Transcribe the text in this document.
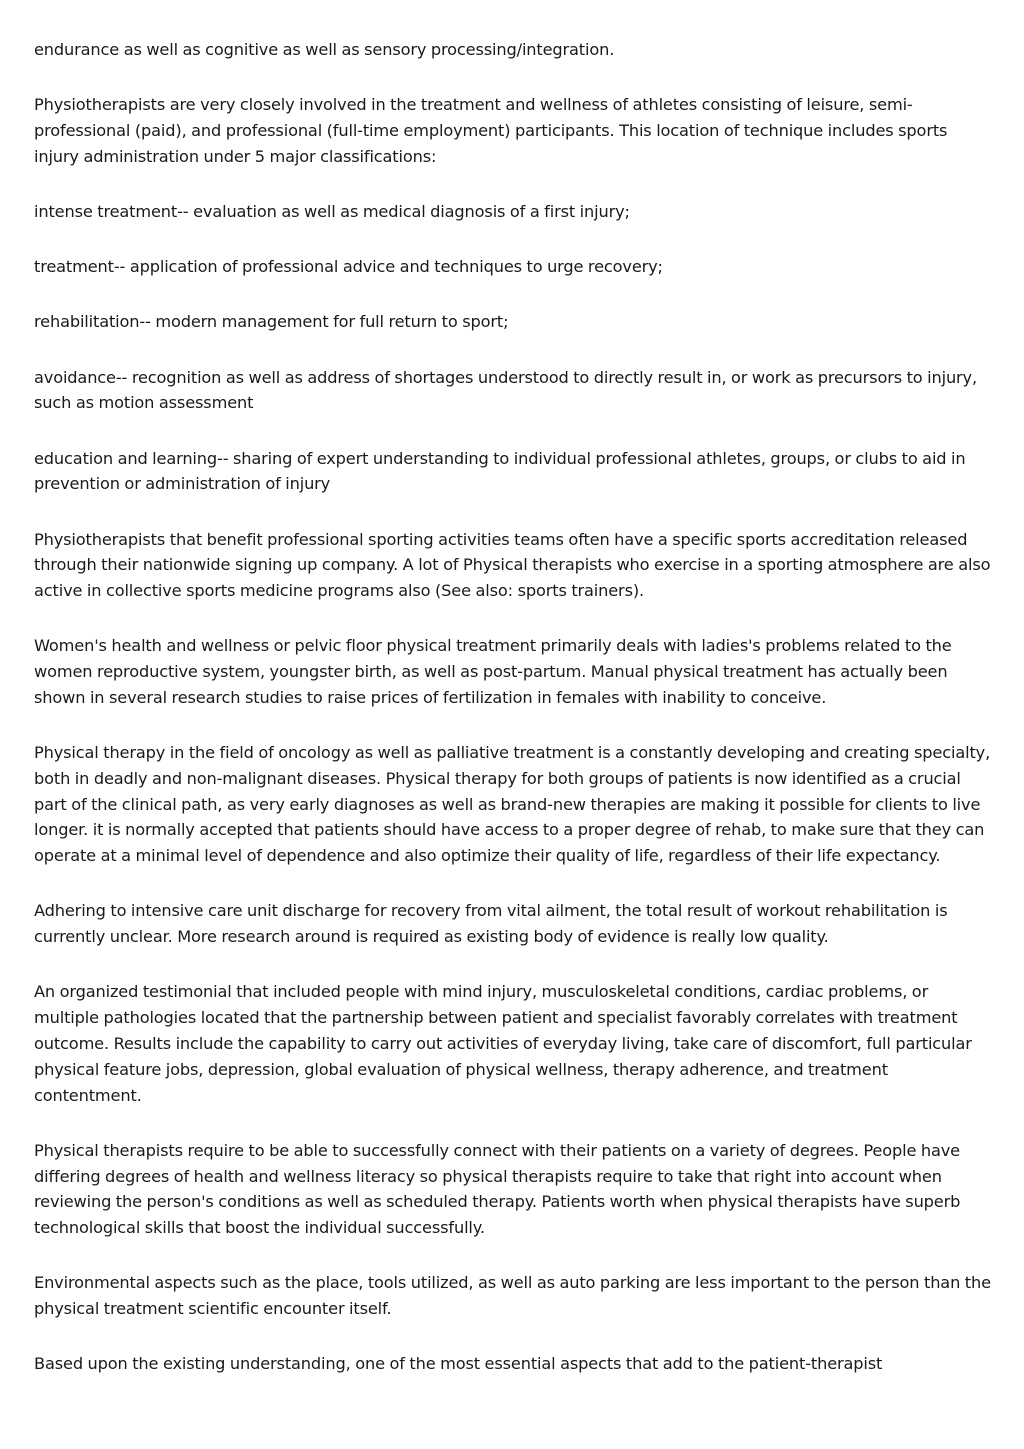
endurance as well as cognitive as well as sensory processing/integration.

Physiotherapists are very closely involved in the treatment and wellness of athletes consisting of leisure, semi-professional (paid), and professional (full-time employment) participants. This location of technique includes sports injury administration under 5 major classifications:

intense treatment-- evaluation as well as medical diagnosis of a first injury;

treatment-- application of professional advice and techniques to urge recovery;

rehabilitation-- modern management for full return to sport;

avoidance-- recognition as well as address of shortages understood to directly result in, or work as precursors to injury, such as motion assessment

education and learning-- sharing of expert understanding to individual professional athletes, groups, or clubs to aid in prevention or administration of injury

Physiotherapists that benefit professional sporting activities teams often have a specific sports accreditation released through their nationwide signing up company. A lot of Physical therapists who exercise in a sporting atmosphere are also active in collective sports medicine programs also (See also: sports trainers).

Women's health and wellness or pelvic floor physical treatment primarily deals with ladies's problems related to the women reproductive system, youngster birth, as well as post-partum. Manual physical treatment has actually been shown in several research studies to raise prices of fertilization in females with inability to conceive.

Physical therapy in the field of oncology as well as palliative treatment is a constantly developing and creating specialty, both in deadly and non-malignant diseases. Physical therapy for both groups of patients is now identified as a crucial part of the clinical path, as very early diagnoses as well as brand-new therapies are making it possible for clients to live longer. it is normally accepted that patients should have access to a proper degree of rehab, to make sure that they can operate at a minimal level of dependence and also optimize their quality of life, regardless of their life expectancy.

Adhering to intensive care unit discharge for recovery from vital ailment, the total result of workout rehabilitation is currently unclear. More research around is required as existing body of evidence is really low quality.

An organized testimonial that included people with mind injury, musculoskeletal conditions, cardiac problems, or multiple pathologies located that the partnership between patient and specialist favorably correlates with treatment outcome. Results include the capability to carry out activities of everyday living, take care of discomfort, full particular physical feature jobs, depression, global evaluation of physical wellness, therapy adherence, and treatment contentment.

Physical therapists require to be able to successfully connect with their patients on a variety of degrees. People have differing degrees of health and wellness literacy so physical therapists require to take that right into account when reviewing the person's conditions as well as scheduled therapy. Patients worth when physical therapists have superb technological skills that boost the individual successfully.

Environmental aspects such as the place, tools utilized, as well as auto parking are less important to the person than the physical treatment scientific encounter itself.

Based upon the existing understanding, one of the most essential aspects that add to the patient-therapist
